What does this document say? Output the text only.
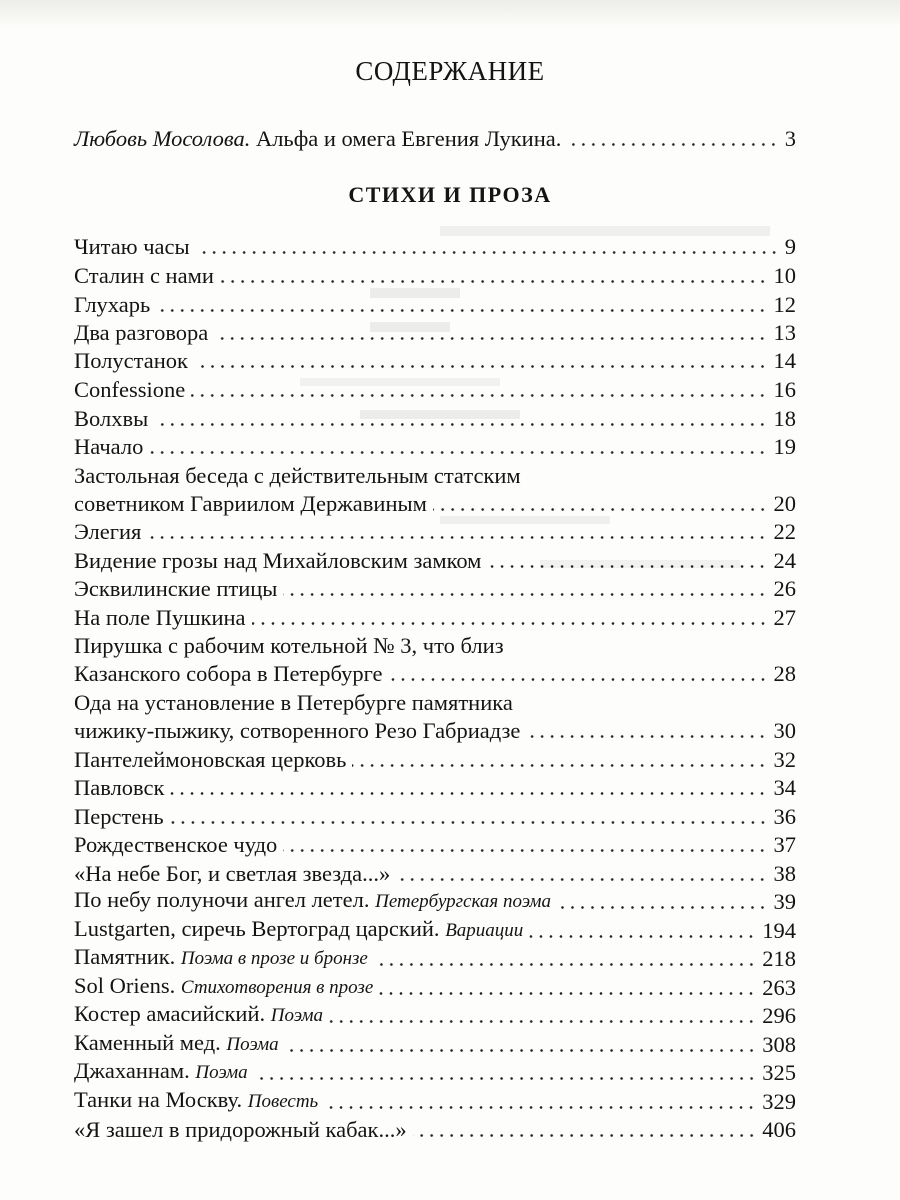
СОДЕРЖАНИЕ
Любовь Мосолова. Альфа и омега Евгения Лукина.	3
СТИХИ И ПРОЗА
Читаю часы	9
Сталин с нами	10
Глухарь	12
Два разговора	13
Полустанок	14
Confessione	16
Волхвы	18
Начало	19
Застольная беседа с действительным статским
советником Гавриилом Державиным	20
Элегия	22
Видение грозы над Михайловским замком	24
Эсквилинские птицы	26
На поле Пушкина	27
Пирушка с рабочим котельной № 3, что близ
Казанского собора в Петербурге	28
Ода на установление в Петербурге памятника
чижику-пыжику, сотворенного Резо Габриадзе	30
Пантелеймоновская церковь	32
Павловск	34
Перстень	36
Рождественское чудо	37
«На небе Бог, и светлая звезда...»	38
По небу полуночи ангел летел. Петербургская поэма	39
Lustgarten, сиречь Вертоград царский. Вариации	194
Памятник. Поэма в прозе и бронзе	218
Sol Oriens. Стихотворения в прозе	263
Костер амасийский. Поэма	296
Каменный мед. Поэма	308
Джаханнам. Поэма	325
Танки на Москву. Повесть	329
«Я зашел в придорожный кабак...»	406
